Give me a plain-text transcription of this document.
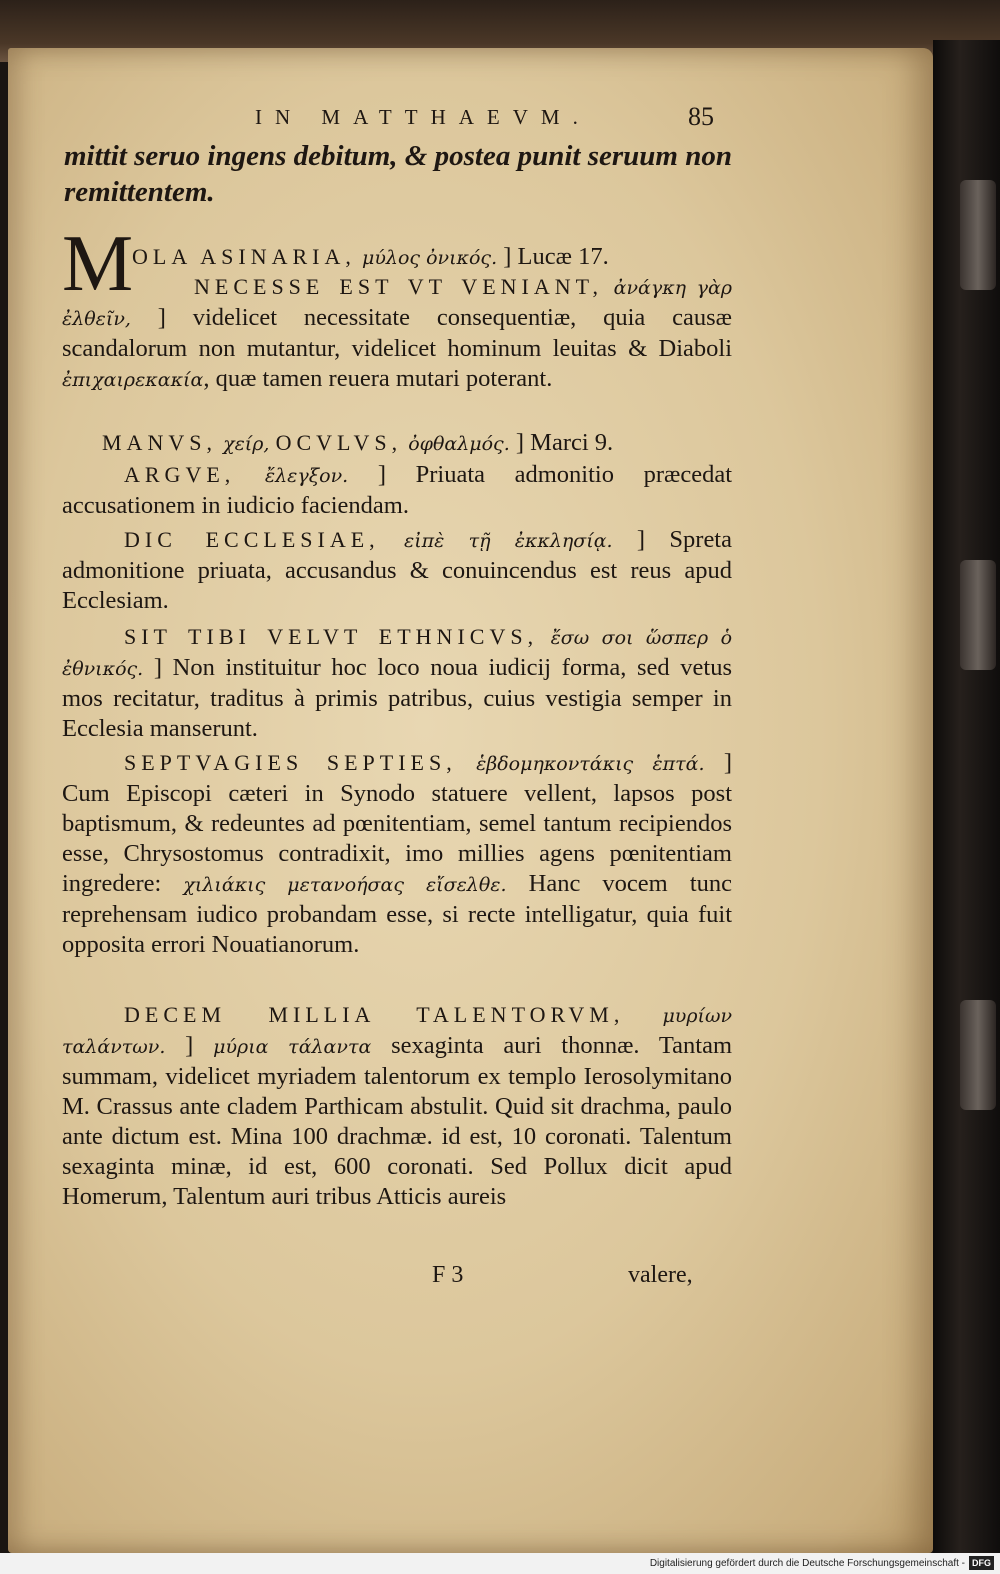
IN MATTHAEVM.	85
mittit seruo ingens debitum, & postea punit seruum non remittentem.
M
OLA ASINARIA, μύλος ὀνικός. ] Lucæ 17.
NECESSE EST VT VENIANT, ἀνάγκη γὰρ ἐλθεῖν, ] videlicet necessitate consequentiæ, quia causæ scandalorum non mutantur, videlicet hominum leuitas & Diaboli ἐπιχαιρεκακία, quæ tamen reuera mutari poterant.
MANVS, χείρ, OCVLVS, ὀφθαλμός. ] Marci 9.
ARGVE, ἔλεγξον. ] Priuata admonitio præcedat accusationem in iudicio faciendam.
DIC ECCLESIAE, εἰπὲ τῇ ἐκκλησίᾳ. ] Spreta admonitione priuata, accusandus & conuincendus est reus apud Ecclesiam.
SIT TIBI VELVT ETHNICVS, ἔσω σοι ὥσπερ ὁ ἐθνικός. ] Non instituitur hoc loco noua iudicij forma, sed vetus mos recitatur, traditus à primis patribus, cuius vestigia semper in Ecclesia manserunt.
SEPTVAGIES SEPTIES, ἑβδομηκοντάκις ἑπτά. ] Cum Episcopi cæteri in Synodo statuere vellent, lapsos post baptismum, & redeuntes ad pœnitentiam, semel tantum recipiendos esse, Chrysostomus contradixit, imo millies agens pœnitentiam ingredere: χιλιάκις μετανοήσας εἴσελθε. Hanc vocem tunc reprehensam iudico probandam esse, si recte intelligatur, quia fuit opposita errori Nouatianorum.
DECEM MILLIA TALENTORVM, μυρίων ταλάντων. ] μύρια τάλαντα sexaginta auri thonnæ. Tantam summam, videlicet myriadem talentorum ex templo Ierosolymitano M. Crassus ante cladem Parthicam abstulit. Quid sit drachma, paulo ante dictum est. Mina 100 drachmæ. id est, 10 coronati. Talentum sexaginta minæ, id est, 600 coronati. Sed Pollux dicit apud Homerum, Talentum auri tribus Atticis aureis
F 3	valere,
Digitalisierung gefördert durch die Deutsche Forschungsgemeinschaft - DFG
